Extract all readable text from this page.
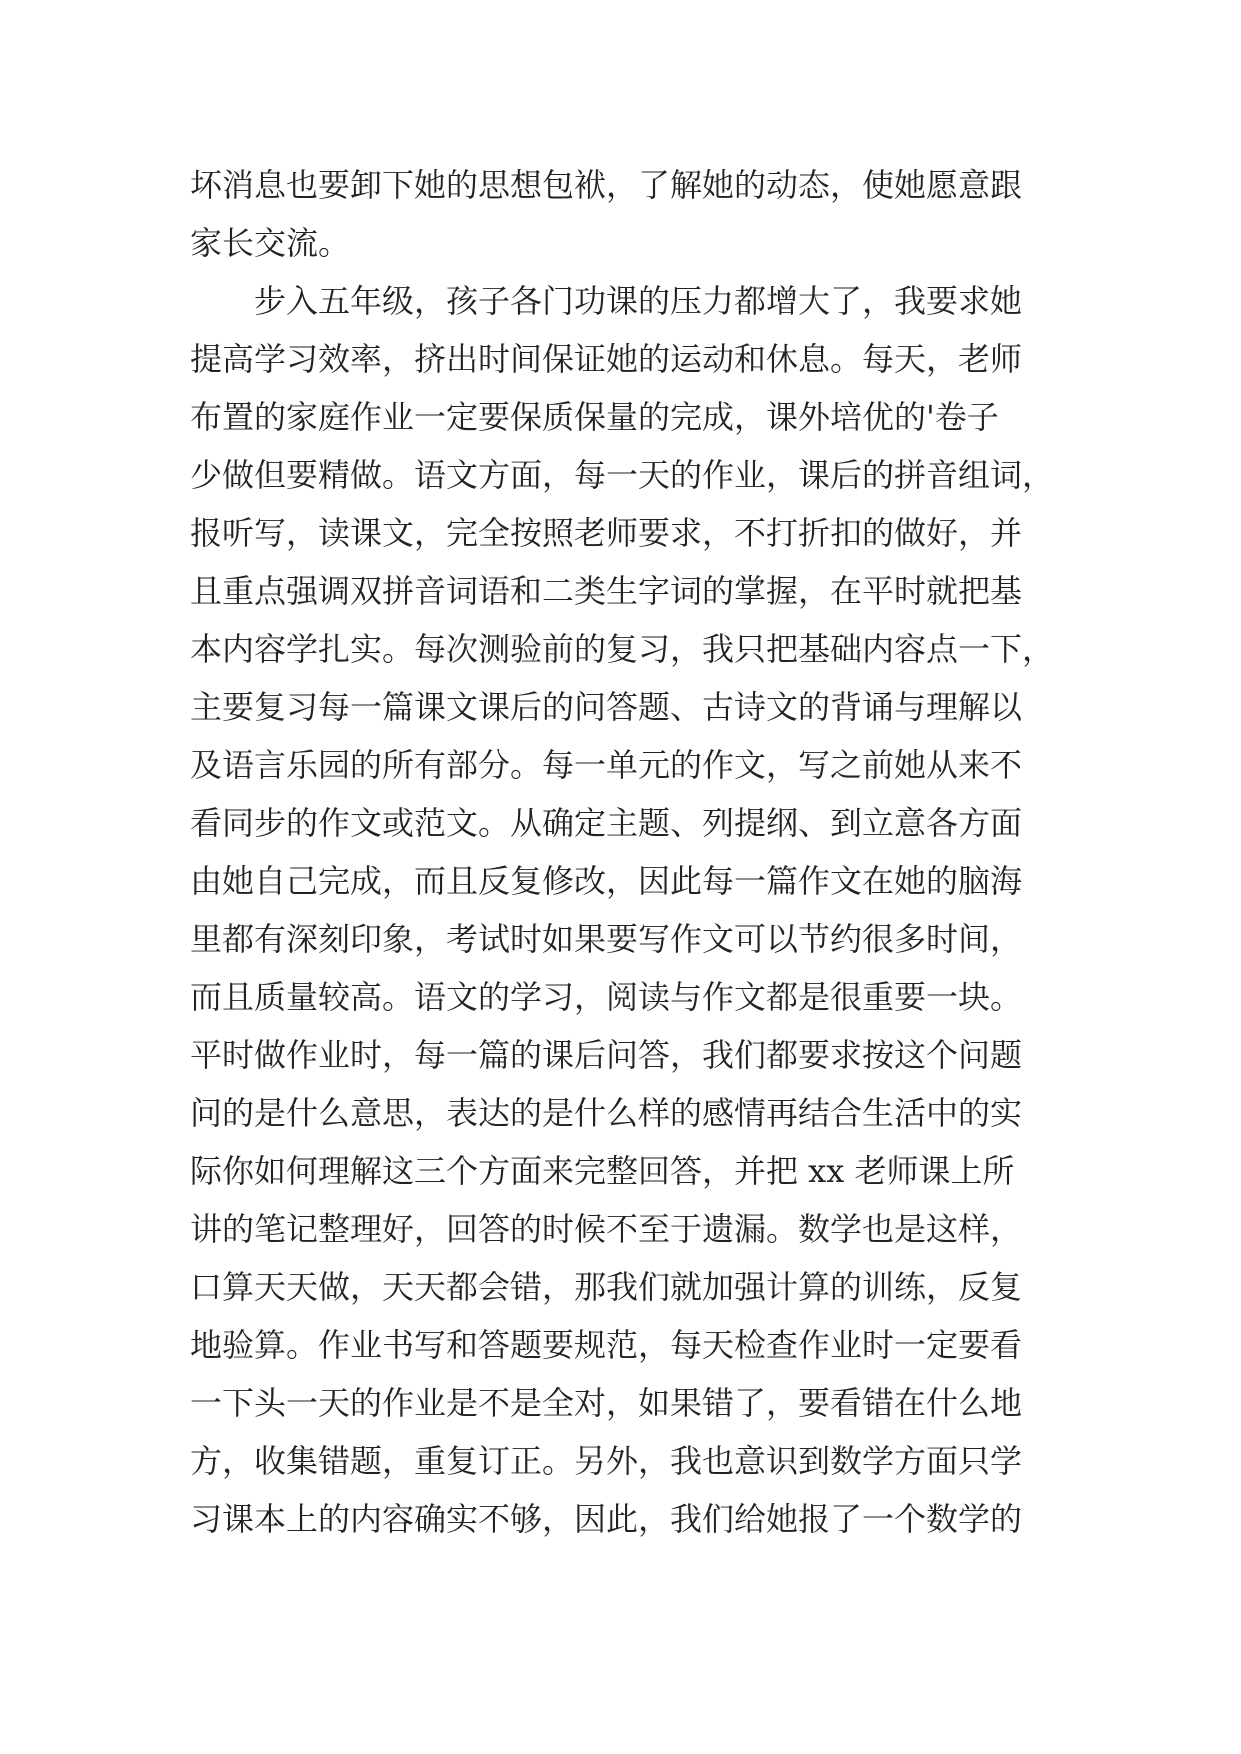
坏消息也要卸下她的思想包袱，了解她的动态，使她愿意跟
家长交流。
步入五年级，孩子各门功课的压力都增大了，我要求她
提高学习效率，挤出时间保证她的运动和休息。每天，老师
布置的家庭作业一定要保质保量的完成，课外培优的'卷子
少做但要精做。语文方面，每一天的作业，课后的拼音组词，
报听写，读课文，完全按照老师要求，不打折扣的做好，并
且重点强调双拼音词语和二类生字词的掌握，在平时就把基
本内容学扎实。每次测验前的复习，我只把基础内容点一下，
主要复习每一篇课文课后的问答题、古诗文的背诵与理解以
及语言乐园的所有部分。每一单元的作文，写之前她从来不
看同步的作文或范文。从确定主题、列提纲、到立意各方面
由她自己完成，而且反复修改，因此每一篇作文在她的脑海
里都有深刻印象，考试时如果要写作文可以节约很多时间，
而且质量较高。语文的学习，阅读与作文都是很重要一块。
平时做作业时，每一篇的课后问答，我们都要求按这个问题
问的是什么意思，表达的是什么样的感情再结合生活中的实
际你如何理解这三个方面来完整回答，并把 xx 老师课上所
讲的笔记整理好，回答的时候不至于遗漏。数学也是这样，
口算天天做，天天都会错，那我们就加强计算的训练，反复
地验算。作业书写和答题要规范，每天检查作业时一定要看
一下头一天的作业是不是全对，如果错了，要看错在什么地
方，收集错题，重复订正。另外，我也意识到数学方面只学
习课本上的内容确实不够，因此，我们给她报了一个数学的
